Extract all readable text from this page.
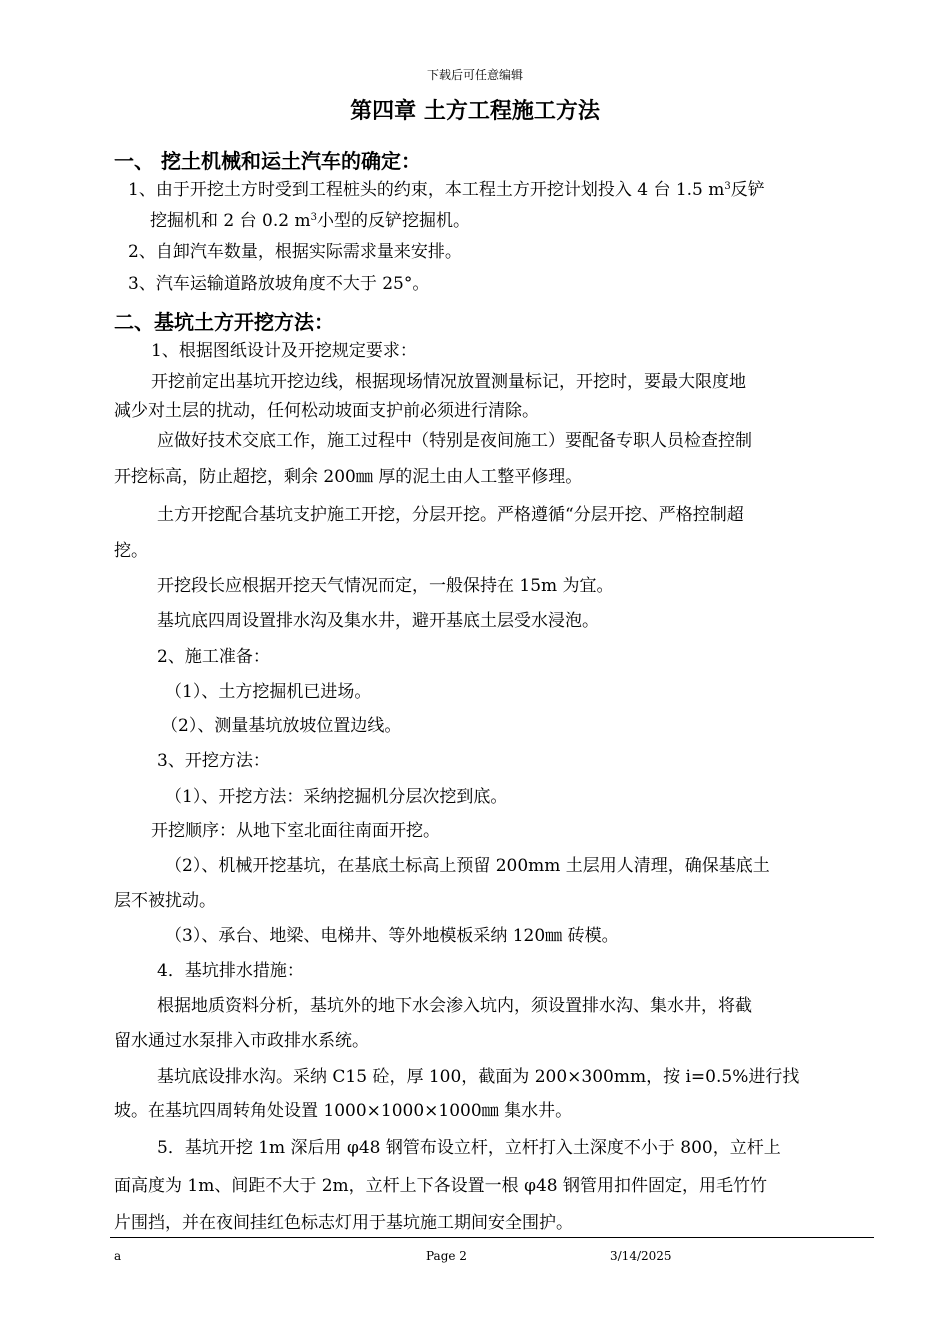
下载后可任意编辑
第四章 土方工程施工方法
一、 挖土机械和运土汽车的确定：
1、由于开挖土方时受到工程桩头的约束，本工程土方开挖计划投入 4 台 1.5 $m^3$反铲
挖掘机和 2 台 0.2 $m^3$小型的反铲挖掘机。
2、自卸汽车数量，根据实际需求量来安排。
3、汽车运输道路放坡角度不大于 25°。
二、基坑土方开挖方法：
1、根据图纸设计及开挖规定要求：
开挖前定出基坑开挖边线，根据现场情况放置测量标记，开挖时，要最大限度地
减少对土层的扰动，任何松动坡面支护前必须进行清除。
应做好技术交底工作，施工过程中（特别是夜间施工）要配备专职人员检查控制
开挖标高，防止超挖，剩余 200㎜ 厚的泥土由人工整平修理。
土方开挖配合基坑支护施工开挖，分层开挖。严格遵循“分层开挖、严格控制超
挖。
开挖段长应根据开挖天气情况而定，一般保持在 15m 为宜。
基坑底四周设置排水沟及集水井，避开基底土层受水浸泡。
2、施工准备：
（1）、土方挖掘机已进场。
（2）、测量基坑放坡位置边线。
3、开挖方法：
（1）、开挖方法：采纳挖掘机分层次挖到底。
开挖顺序：从地下室北面往南面开挖。
（2）、机械开挖基坑，在基底土标高上预留 200mm 土层用人清理，确保基底土
层不被扰动。
（3）、承台、地梁、电梯井、等外地模板采纳 120㎜ 砖模。
4．基坑排水措施：
根据地质资料分析，基坑外的地下水会渗入坑内，须设置排水沟、集水井，将截
留水通过水泵排入市政排水系统。
基坑底设排水沟。采纳 C15 砼，厚 100，截面为 200×300mm，按 i=0.5%进行找
坡。在基坑四周转角处设置 1000×1000×1000㎜ 集水井。
5．基坑开挖 1m 深后用 φ48 钢管布设立杆，立杆打入土深度不小于 800，立杆上
面高度为 1m、间距不大于 2m，立杆上下各设置一根 φ48 钢管用扣件固定，用毛竹竹
片围挡，并在夜间挂红色标志灯用于基坑施工期间安全围护。
a	Page 2	3/14/2025
